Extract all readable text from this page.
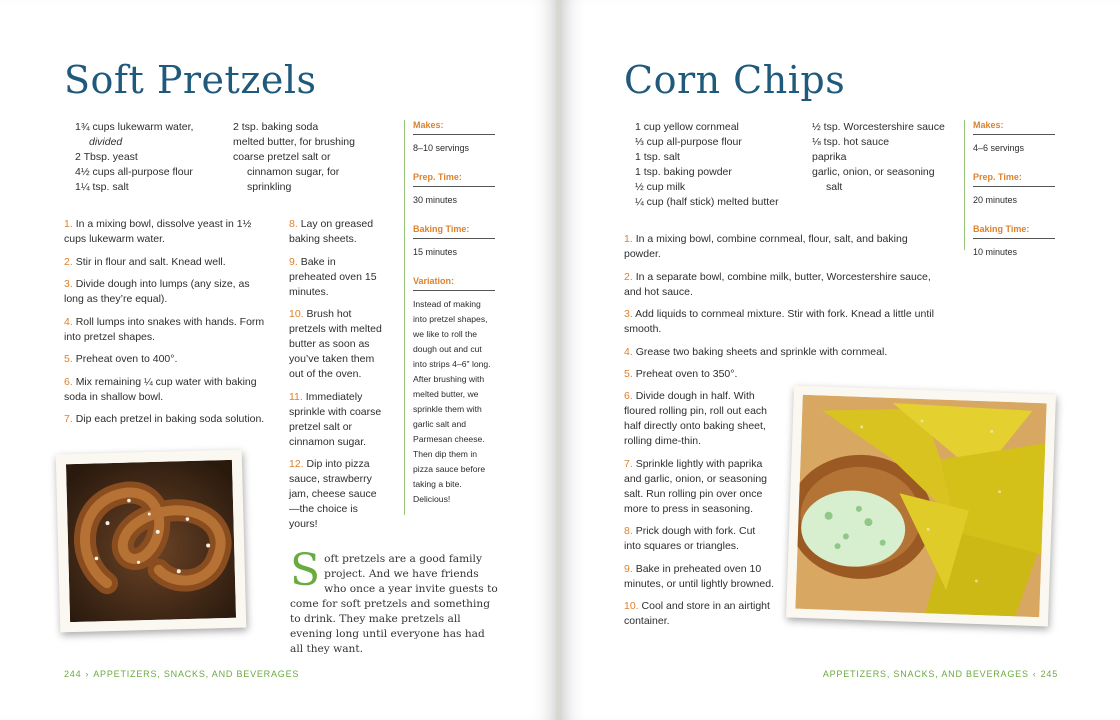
Soft Pretzels
1¾ cups lukewarm water,
divided
2 Tbsp. yeast
4½ cups all-purpose flour
1¼ tsp. salt
2 tsp. baking soda
melted butter, for brushing
coarse pretzel salt or
cinnamon sugar, for
sprinkling
1. In a mixing bowl, dissolve yeast in 1½ cups lukewarm water.
2. Stir in flour and salt. Knead well.
3. Divide dough into lumps (any size, as long as they’re equal).
4. Roll lumps into snakes with hands. Form into pretzel shapes.
5. Preheat oven to 400°.
6. Mix remaining ¼ cup water with baking soda in shallow bowl.
7. Dip each pretzel in baking soda solution.
8. Lay on greased baking sheets.
9. Bake in preheated oven 15 minutes.
10. Brush hot pretzels with melted butter as soon as you’ve taken them out of the oven.
11. Immediately sprinkle with coarse pretzel salt or cinnamon sugar.
12. Dip into pizza sauce, strawberry jam, cheese sauce—the choice is yours!
Makes:
8–10 servings
Prep. Time:
30 minutes
Baking Time:
15 minutes
Variation:
Instead of making into pretzel shapes, we like to roll the dough out and cut into strips 4–6" long. After brushing with melted butter, we sprinkle them with garlic salt and Parmesan cheese. Then dip them in pizza sauce before taking a bite. Delicious!
Soft pretzels are a good family project. And we have friends who once a year invite guests to come for soft pretzels and something to drink. They make pretzels all evening long until everyone has had all they want.
244 › APPETIZERS, SNACKS, AND BEVERAGES
Corn Chips
1 cup yellow cornmeal
⅓ cup all-purpose flour
1 tsp. salt
1 tsp. baking powder
½ cup milk
¼ cup (half stick) melted butter
½ tsp. Worcestershire sauce
⅛ tsp. hot sauce
paprika
garlic, onion, or seasoning
salt
Makes:
4–6 servings
Prep. Time:
20 minutes
Baking Time:
10 minutes
1. In a mixing bowl, combine cornmeal, flour, salt, and baking powder.
2. In a separate bowl, combine milk, butter, Worcestershire sauce, and hot sauce.
3. Add liquids to cornmeal mixture. Stir with fork. Knead a little until smooth.
4. Grease two baking sheets and sprinkle with cornmeal.
5. Preheat oven to 350°.
6. Divide dough in half. With floured rolling pin, roll out each half directly onto baking sheet, rolling dime-thin.
7. Sprinkle lightly with paprika and garlic, onion, or seasoning salt. Run rolling pin over once more to press in seasoning.
8. Prick dough with fork. Cut into squares or triangles.
9. Bake in preheated oven 10 minutes, or until lightly browned.
10. Cool and store in an airtight container.
APPETIZERS, SNACKS, AND BEVERAGES ‹ 245
